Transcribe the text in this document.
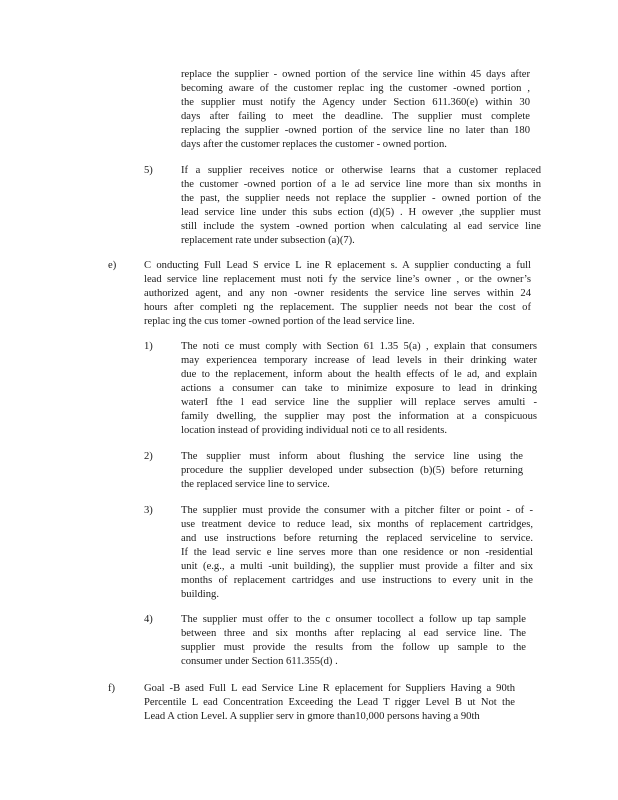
replace the supplier - owned portion of the service line within 45 days after
becoming aware of the customer replac ing the customer -owned portion ,
the supplier must notify the Agency under Section 611.360(e) within 30
days after failing to meet the deadline. The supplier must complete
replacing the supplier -owned portion of the service line no later than 180
days after the customer replaces the customer - owned portion.
5)	If a supplier receives notice or otherwise learns that a customer replaced
the customer -owned portion of a le ad service line more than six months in
the past, the supplier needs not replace the supplier - owned portion of the
lead service line under this subs ection (d)(5) . H owever ,the supplier must
still include the system -owned portion when calculating al ead service line
replacement rate under subsection (a)(7).
e)	C onducting Full Lead S ervice L ine R eplacement s. A supplier conducting a full
lead service line replacement must noti fy the service line’s owner , or the owner’s
authorized agent, and any non -owner residents the service line serves within 24
hours after completi ng the replacement. The supplier needs not bear the cost of
replac ing the cus tomer -owned portion of the lead service line.
1)	The noti ce must comply with Section 61 1.35 5(a) , explain that consumers
may experiencea temporary increase of lead levels in their drinking water
due to the replacement, inform about the health effects of le ad, and explain
actions a consumer can take to minimize exposure to lead in drinking
waterI fthe l ead service line the supplier will replace serves amulti -
family dwelling, the supplier may post the information at a conspicuous
location instead of providing individual noti ce to all residents.
2)	The supplier must inform about flushing the service line using the
procedure the supplier developed under subsection (b)(5) before returning
the replaced service line to service.
3)	The supplier must provide the consumer with a pitcher filter or point - of -
use treatment device to reduce lead, six months of replacement cartridges,
and use instructions before returning the replaced serviceline to service.
If the lead servic e line serves more than one residence or non -residential
unit (e.g., a multi -unit building), the supplier must provide a filter and six
months of replacement cartridges and use instructions to every unit in the
building.
4)	The supplier must offer to the c onsumer tocollect a follow up tap sample
between three and six months after replacing al ead service line. The
supplier must provide the results from the follow up sample to the
consumer under Section 611.355(d) .
f)	Goal -B ased Full L ead Service Line R eplacement for Suppliers Having a 90th
Percentile L ead Concentration Exceeding the Lead T rigger Level B ut Not the
Lead A ction Level. A supplier serv in gmore than10,000 persons having a 90th
